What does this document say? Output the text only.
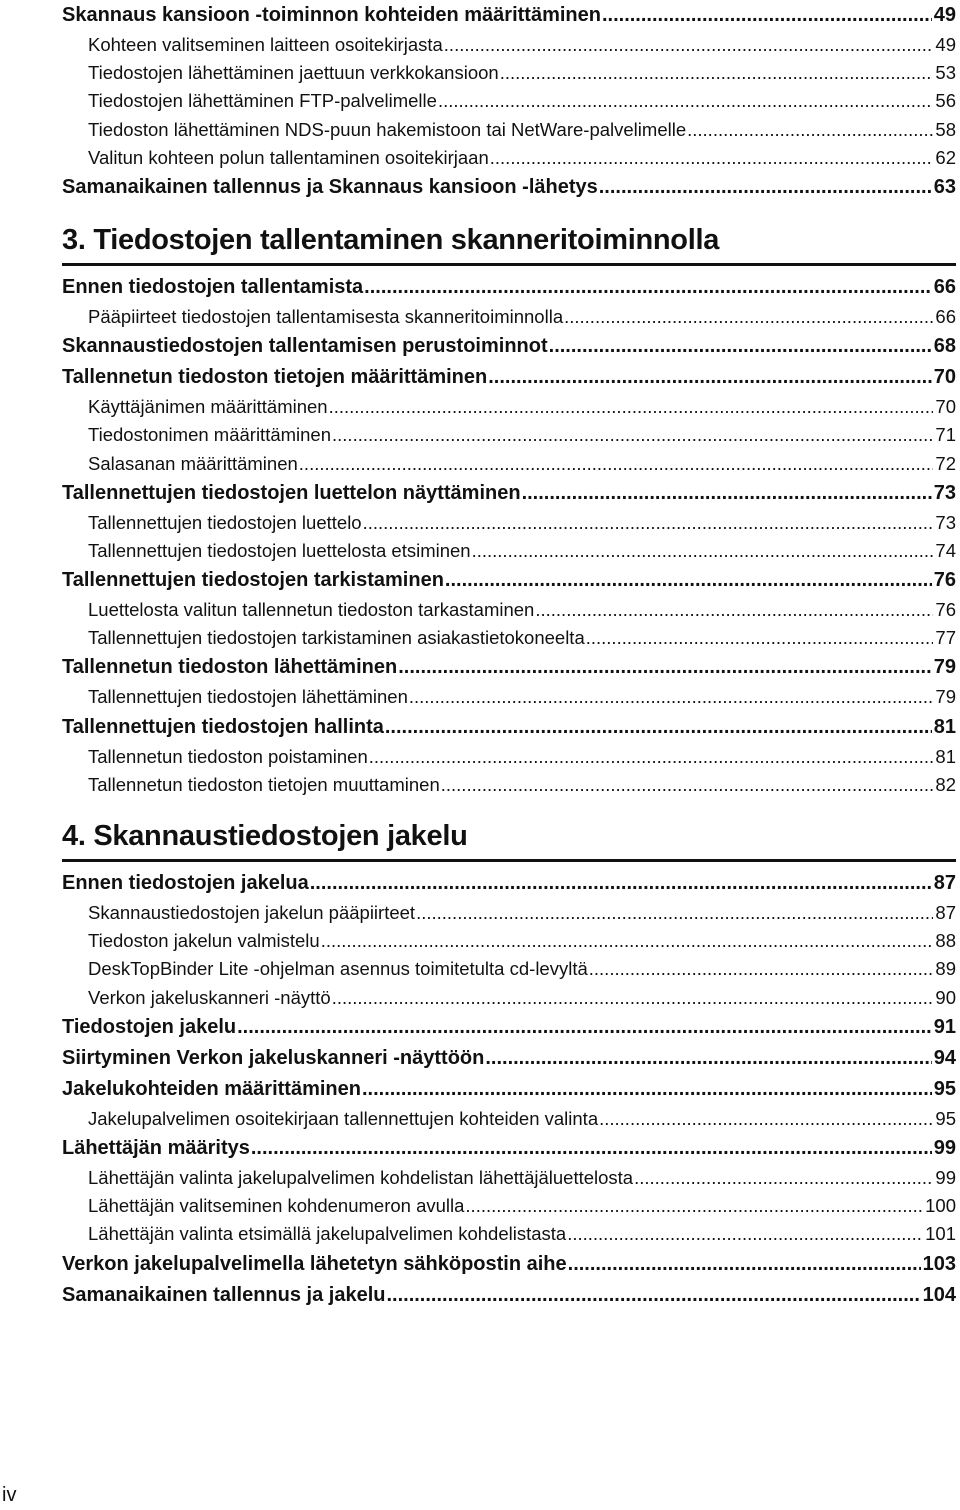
Skannaus kansioon -toiminnon kohteiden määrittäminen .....	49
Kohteen valitseminen laitteen osoitekirjasta .....	49
Tiedostojen lähettäminen jaettuun verkkokansioon .....	53
Tiedostojen lähettäminen FTP-palvelimelle .....	56
Tiedoston lähettäminen NDS-puun hakemistoon tai NetWare-palvelimelle .....	58
Valitun kohteen polun tallentaminen osoitekirjaan .....	62
Samanaikainen tallennus ja Skannaus kansioon -lähetys .....	63
3. Tiedostojen tallentaminen skanneritoiminnolla
Ennen tiedostojen tallentamista .....	66
Pääpiirteet tiedostojen tallentamisesta skanneritoiminnolla .....	66
Skannaustiedostojen tallentamisen perustoiminnot .....	68
Tallennetun tiedoston tietojen määrittäminen .....	70
Käyttäjänimen määrittäminen .....	70
Tiedostonimen määrittäminen .....	71
Salasanan määrittäminen .....	72
Tallennettujen tiedostojen luettelon näyttäminen .....	73
Tallennettujen tiedostojen luettelo .....	73
Tallennettujen tiedostojen luettelosta etsiminen .....	74
Tallennettujen tiedostojen tarkistaminen .....	76
Luettelosta valitun tallennetun tiedoston tarkastaminen .....	76
Tallennettujen tiedostojen tarkistaminen asiakastietokoneelta .....	77
Tallennetun tiedoston lähettäminen .....	79
Tallennettujen tiedostojen lähettäminen .....	79
Tallennettujen tiedostojen hallinta .....	81
Tallennetun tiedoston poistaminen .....	81
Tallennetun tiedoston tietojen muuttaminen .....	82
4. Skannaustiedostojen jakelu
Ennen tiedostojen jakelua .....	87
Skannaustiedostojen jakelun pääpiirteet .....	87
Tiedoston jakelun valmistelu .....	88
DeskTopBinder Lite -ohjelman asennus toimitetulta cd-levyltä .....	89
Verkon jakeluskanneri -näyttö .....	90
Tiedostojen jakelu .....	91
Siirtyminen Verkon jakeluskanneri -näyttöön .....	94
Jakelukohteiden määrittäminen .....	95
Jakelupalvelimen osoitekirjaan tallennettujen kohteiden valinta .....	95
Lähettäjän määritys .....	99
Lähettäjän valinta jakelupalvelimen kohdelistan lähettäjäluettelosta .....	99
Lähettäjän valitseminen kohdenumeron avulla .....	100
Lähettäjän valinta etsimällä jakelupalvelimen kohdelistasta .....	101
Verkon jakelupalvelimella lähetetyn sähköpostin aihe .....	103
Samanaikainen tallennus ja jakelu .....	104
iv
